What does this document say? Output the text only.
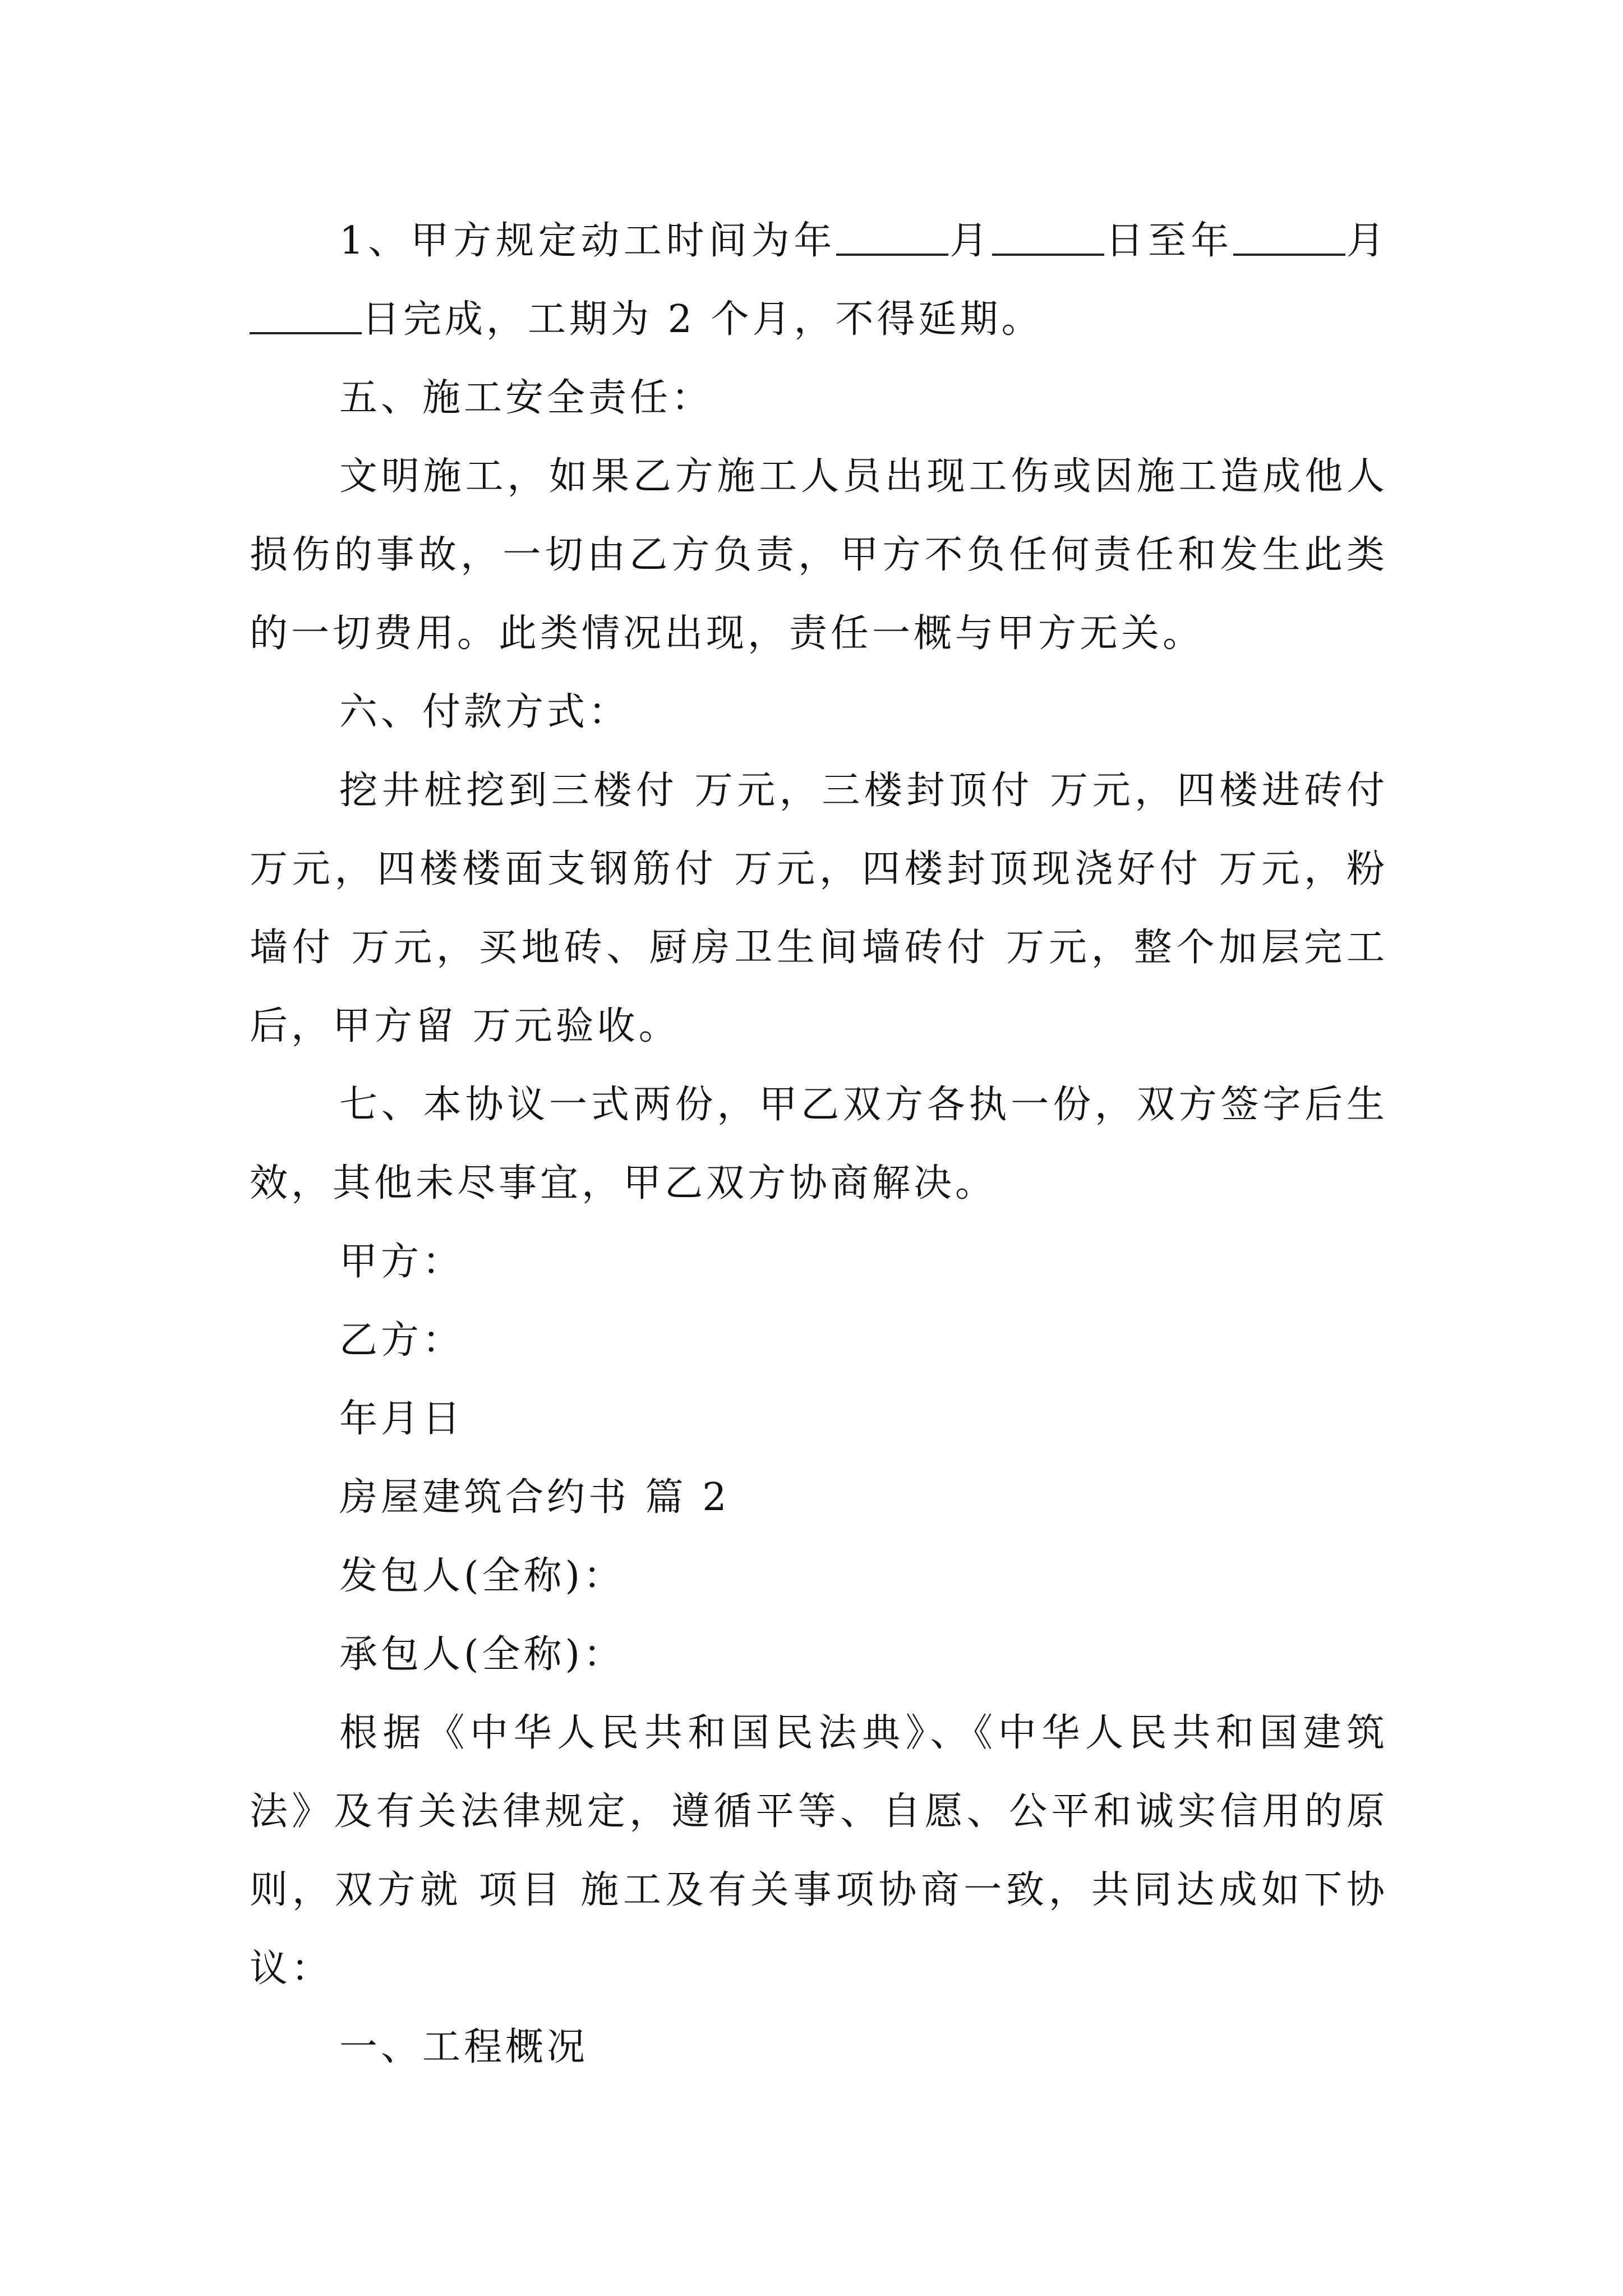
1、甲方规定动工时间为年	月	日至年	月日完成，工期为 2 个月，不得延期。

五、施工安全责任：

文明施工，如果乙方施工人员出现工伤或因施工造成他人损伤的事故，一切由乙方负责，甲方不负任何责任和发生此类的一切费用。此类情况出现，责任一概与甲方无关。

六、付款方式：

挖井桩挖到三楼付 万元，三楼封顶付 万元，四楼进砖付 万元，四楼楼面支钢筋付 万元，四楼封顶现浇好付 万元，粉墙付 万元，买地砖、厨房卫生间墙砖付 万元，整个加层完工后，甲方留 万元验收。

七、本协议一式两份，甲乙双方各执一份，双方签字后生效，其他未尽事宜，甲乙双方协商解决。

甲方：

乙方：

年月日

房屋建筑合约书 篇 2

发包人(全称)：

承包人(全称)：

根据《中华人民共和国民法典》、《中华人民共和国建筑法》及有关法律规定，遵循平等、自愿、公平和诚实信用的原则，双方就 项目 施工及有关事项协商一致，共同达成如下协议：

一、工程概况
